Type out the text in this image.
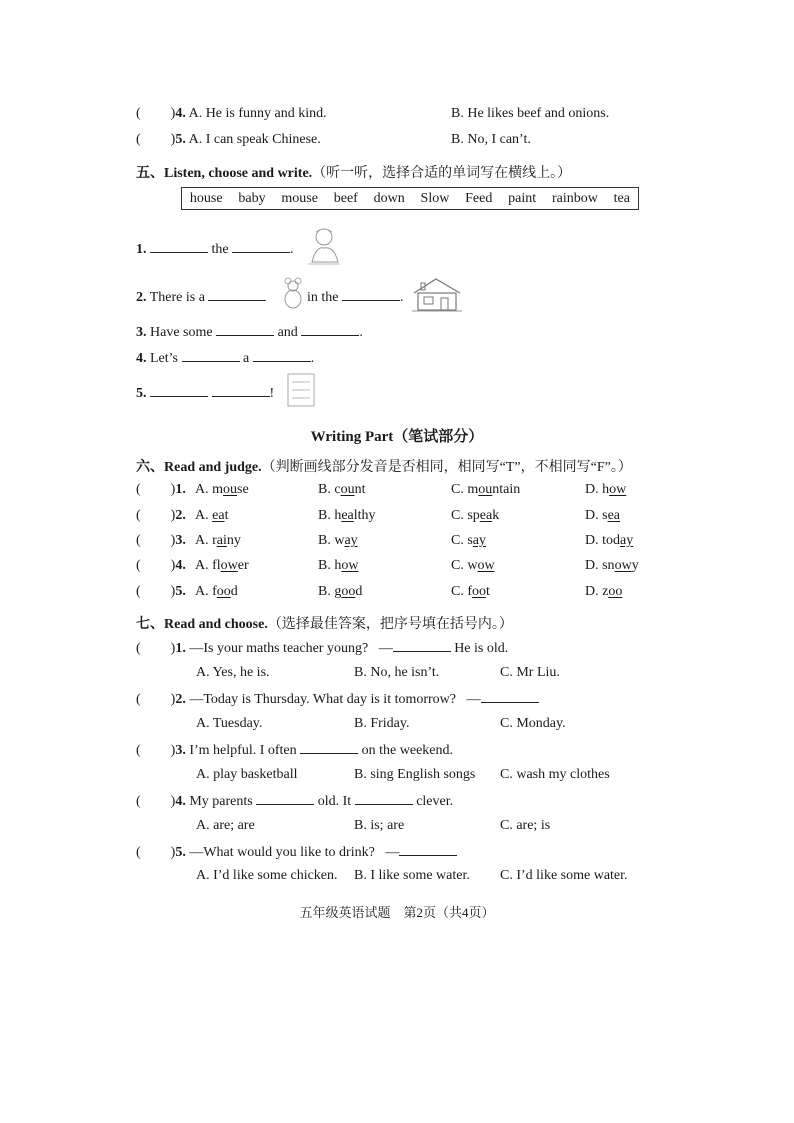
( )4. A. He is funny and kind.	B. He likes beef and onions.
( )5. A. I can speak Chinese.	B. No, I can’t.
五、Listen, choose and write.（听一听，选择合适的单词写在横线上。）
house baby mouse beef down Slow Feed paint rainbow tea
1.	the	.
2. There is a	in the	.
3. Have some	and	.
4. Let’s	a	.
5.	!
Writing Part（笔试部分）
六、Read and judge.（判断画线部分发音是否相同，相同写“T”，不相同写“F”。）
( )1. A. mouse	B. count	C. mountain	D. how
( )2. A. eat	B. healthy	C. speak	D. sea
( )3. A. rainy	B. way	C. say	D. today
( )4. A. flower	B. how	C. wow	D. snowy
( )5. A. food	B. good	C. foot	D. zoo
七、Read and choose.（选择最佳答案，把序号填在括号内。）
( )1. —Is your maths teacher young? —	He is old.
A. Yes, he is.	B. No, he isn’t.	C. Mr Liu.
( )2. —Today is Thursday. What day is it tomorrow? —
A. Tuesday.	B. Friday.	C. Monday.
( )3. I’m helpful. I often	on the weekend.
A. play basketball	B. sing English songs C. wash my clothes
( )4. My parents	old. It	clever.
A. are; are	B. is; are	C. are; is
( )5. —What would you like to drink? —
A. I’d like some chicken. B. I like some water. C. I’d like some water.
五年级英语试题　第2页（共4页）
